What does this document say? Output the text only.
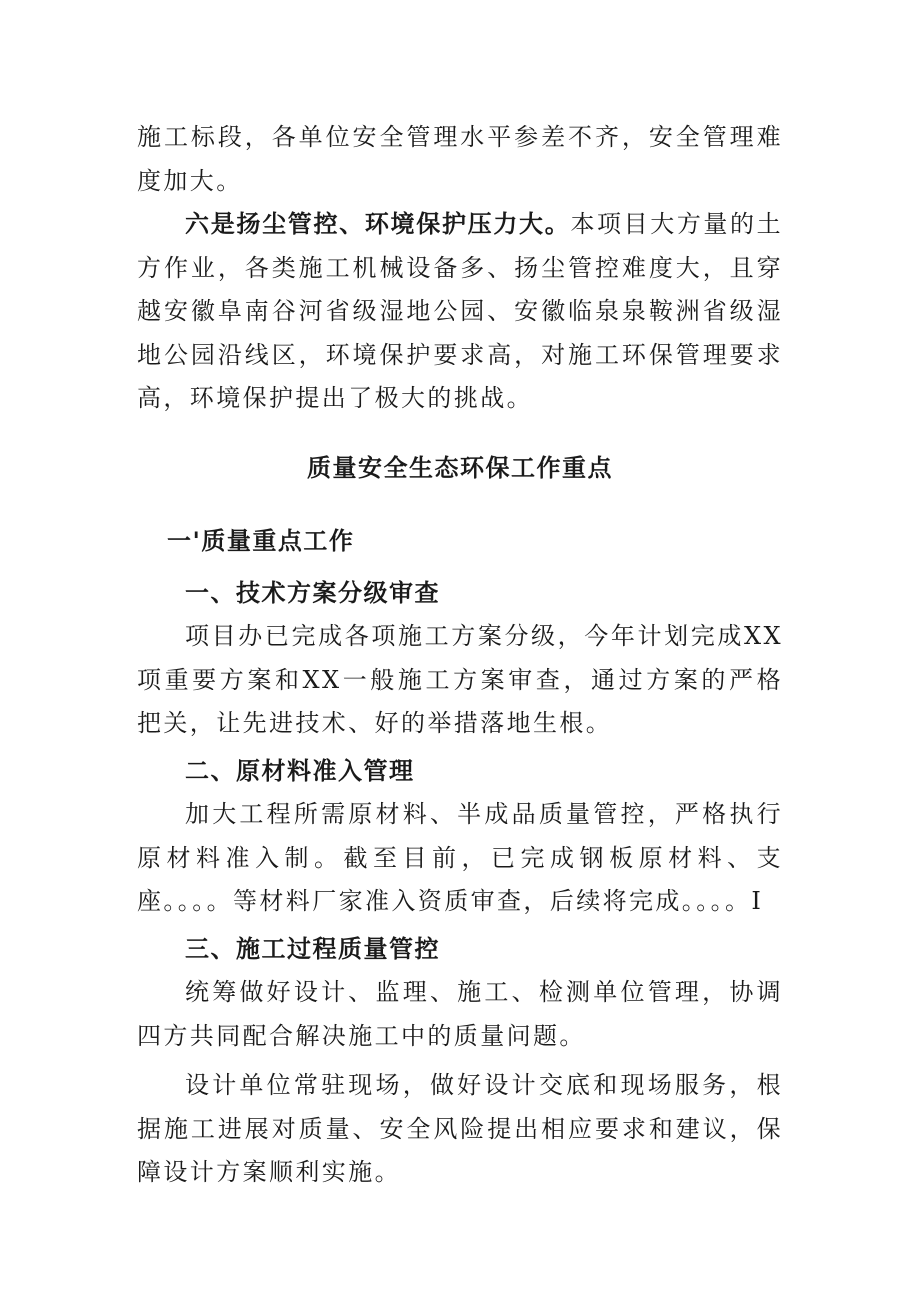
施工标段，各单位安全管理水平参差不齐，安全管理难度加大。

六是扬尘管控、环境保护压力大。本项目大方量的土方作业，各类施工机械设备多、扬尘管控难度大，且穿越安徽阜南谷河省级湿地公园、安徽临泉泉鞍洲省级湿地公园沿线区，环境保护要求高，对施工环保管理要求高，环境保护提出了极大的挑战。

质量安全生态环保工作重点
一'质量重点工作
一、技术方案分级审查

项目办已完成各项施工方案分级，今年计划完成XX项重要方案和XX一般施工方案审查，通过方案的严格把关，让先进技术、好的举措落地生根。

二、原材料准入管理

加大工程所需原材料、半成品质量管控，严格执行原材料准入制。截至目前，已完成钢板原材料、支座。。。。等材料厂家准入资质审查，后续将完成。。。。I

三、施工过程质量管控

统筹做好设计、监理、施工、检测单位管理，协调四方共同配合解决施工中的质量问题。

设计单位常驻现场，做好设计交底和现场服务，根据施工进展对质量、安全风险提出相应要求和建议，保障设计方案顺利实施。
